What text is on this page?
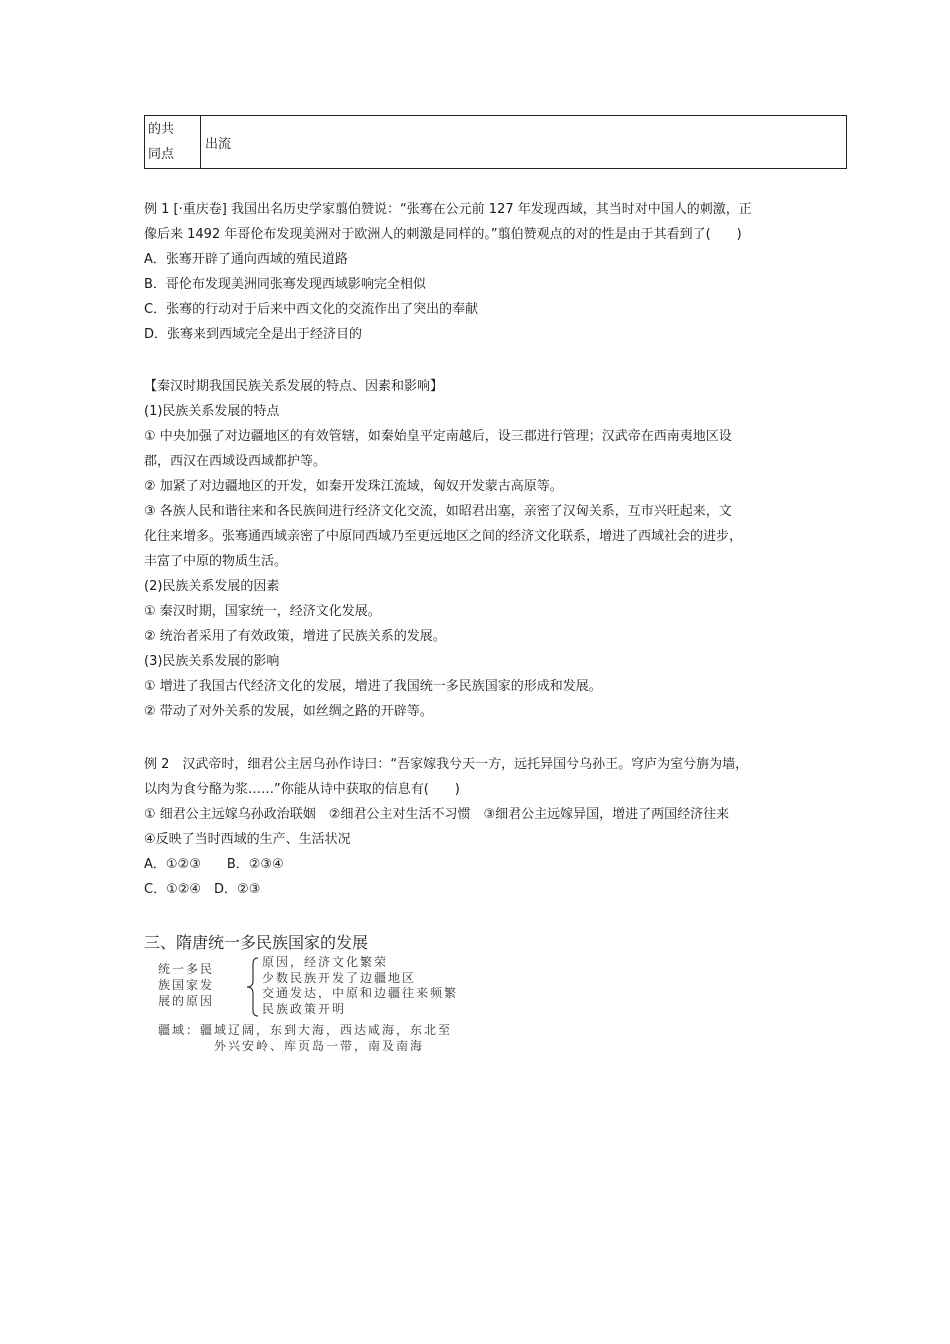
的共
同点
出流
例 1 [·重庆卷] 我国出名历史学家翦伯赞说：“张骞在公元前 127 年发现西域，其当时对中国人的刺激，正
像后来 1492 年哥伦布发现美洲对于欧洲人的刺激是同样的。”翦伯赞观点的对的性是由于其看到了(　　)
A．张骞开辟了通向西域的殖民道路
B．哥伦布发现美洲同张骞发现西域影响完全相似
C．张骞的行动对于后来中西文化的交流作出了突出的奉献
D．张骞来到西域完全是出于经济目的
【秦汉时期我国民族关系发展的特点、因素和影响】
(1)民族关系发展的特点
① 中央加强了对边疆地区的有效管辖，如秦始皇平定南越后，设三郡进行管理；汉武帝在西南夷地区设
郡，西汉在西域设西域都护等。
② 加紧了对边疆地区的开发，如秦开发珠江流域，匈奴开发蒙古高原等。
③ 各族人民和谐往来和各民族间进行经济文化交流，如昭君出塞，亲密了汉匈关系，互市兴旺起来，文
化往来增多。张骞通西域亲密了中原同西域乃至更远地区之间的经济文化联系，增进了西域社会的进步，
丰富了中原的物质生活。
(2)民族关系发展的因素
① 秦汉时期，国家统一，经济文化发展。
② 统治者采用了有效政策，增进了民族关系的发展。
(3)民族关系发展的影响
① 增进了我国古代经济文化的发展，增进了我国统一多民族国家的形成和发展。
② 带动了对外关系的发展，如丝绸之路的开辟等。
例 2　汉武帝时，细君公主居乌孙作诗曰：“吾家嫁我兮天一方，远托异国兮乌孙王。穹庐为室兮旃为墙，
以肉为食兮酪为浆……”你能从诗中获取的信息有(　　)
① 细君公主远嫁乌孙政治联姻　②细君公主对生活不习惯　③细君公主远嫁异国，增进了两国经济往来
④反映了当时西域的生产、生活状况
A．①②③　　B．②③④
C．①②④　D．②③
三、隋唐统一多民族国家的发展
统一多民
族国家发
展的原因
原因，经济文化繁荣
少数民族开发了边疆地区
交通发达，中原和边疆往来频繁
民族政策开明
疆域：疆域辽阔，东到大海，西达咸海，东北至
外兴安岭、库页岛一带，南及南海
